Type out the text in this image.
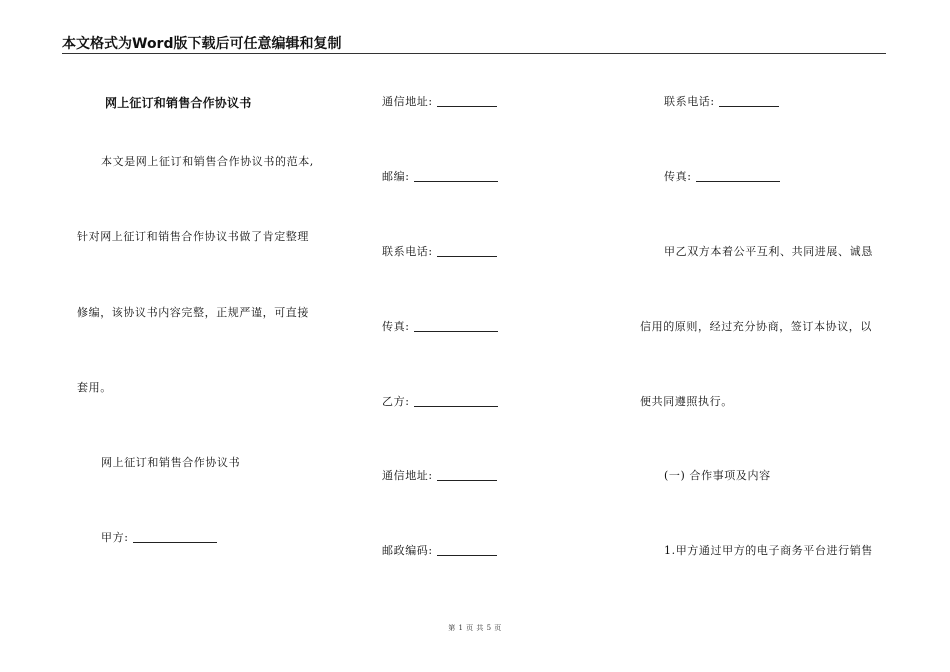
本文格式为Word版下载后可任意编辑和复制
网上征订和销售合作协议书
本文是网上征订和销售合作协议书的范本,
针对网上征订和销售合作协议书做了肯定整理
修编，该协议书内容完整，正规严谨，可直接
套用。
网上征订和销售合作协议书
甲方:
通信地址:
邮编:
联系电话:
传真:
乙方:
通信地址:
邮政编码:
联系电话:
传真:
甲乙双方本着公平互利、共同进展、诚恳
信用的原则，经过充分协商，签订本协议，以
便共同遵照执行。
(一) 合作事项及内容
1.甲方通过甲方的电子商务平台进行销售
第 1 页 共 5 页
